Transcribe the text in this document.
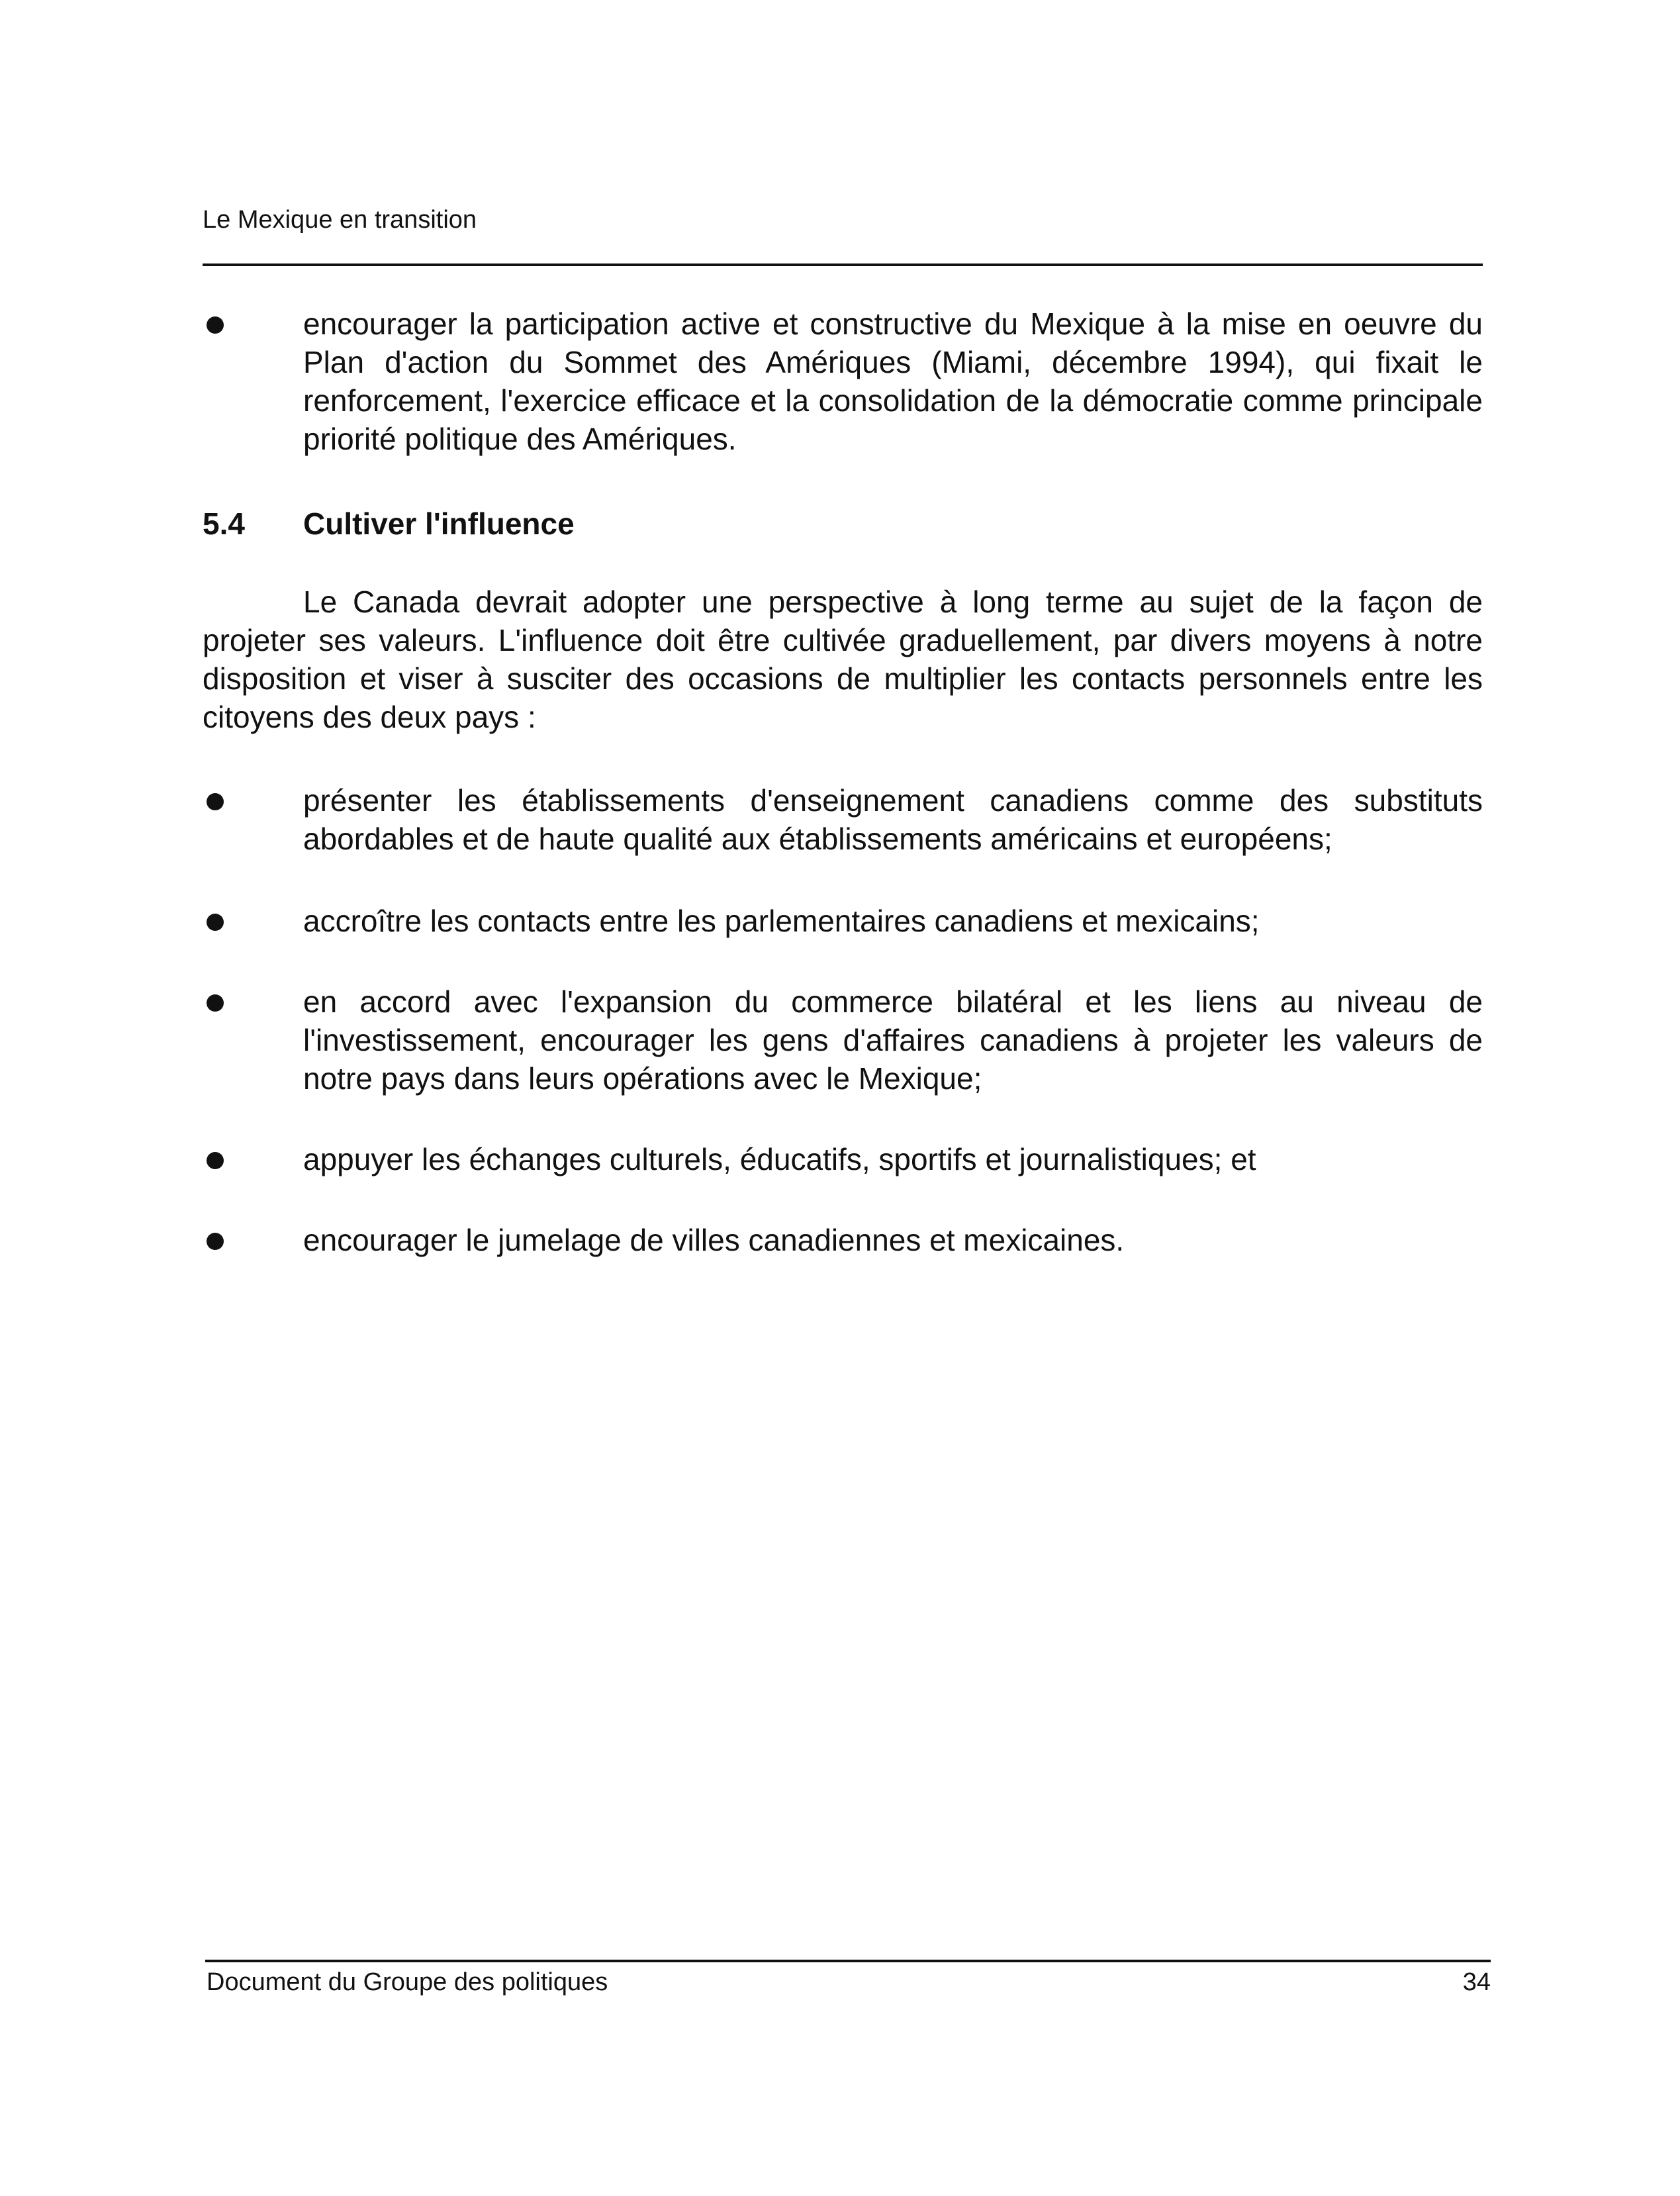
Le Mexique en transition
encourager la participation active et constructive du Mexique à la mise en oeuvre du Plan d'action du Sommet des Amériques (Miami, décembre 1994), qui fixait le renforcement, l'exercice efficace et la consolidation de la démocratie comme principale priorité politique des Amériques.
5.4 Cultiver l'influence
Le Canada devrait adopter une perspective à long terme au sujet de la façon de projeter ses valeurs. L'influence doit être cultivée graduellement, par divers moyens à notre disposition et viser à susciter des occasions de multiplier les contacts personnels entre les citoyens des deux pays :
présenter les établissements d'enseignement canadiens comme des substituts abordables et de haute qualité aux établissements américains et européens;
accroître les contacts entre les parlementaires canadiens et mexicains;
en accord avec l'expansion du commerce bilatéral et les liens au niveau de l'investissement, encourager les gens d'affaires canadiens à projeter les valeurs de notre pays dans leurs opérations avec le Mexique;
appuyer les échanges culturels, éducatifs, sportifs et journalistiques; et
encourager le jumelage de villes canadiennes et mexicaines.
Document du Groupe des politiques	34
